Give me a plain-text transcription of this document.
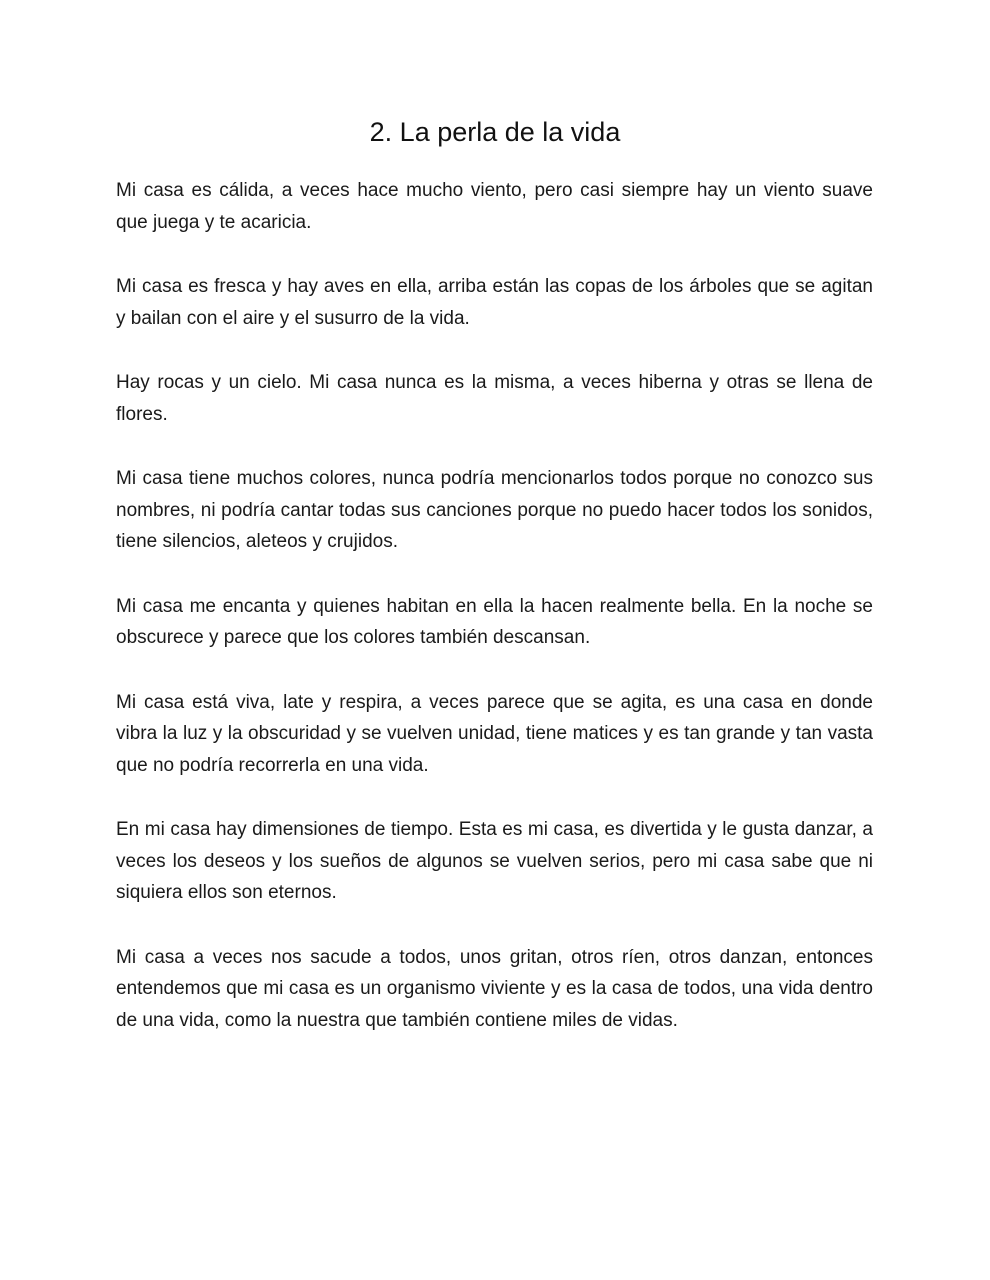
2. La perla de la vida

Mi casa es cálida, a veces hace mucho viento, pero casi siempre hay un viento suave que juega y te acaricia.

Mi casa es fresca y hay aves en ella, arriba están las copas de los árboles que se agitan y bailan con el aire y el susurro de la vida.

Hay rocas y un cielo. Mi casa nunca es la misma, a veces hiberna y otras se llena de flores.

Mi casa tiene muchos colores, nunca podría mencionarlos todos porque no conozco sus nombres, ni podría cantar todas sus canciones porque no puedo hacer todos los sonidos, tiene silencios, aleteos y crujidos.

Mi casa me encanta y quienes habitan en ella la hacen realmente bella. En la noche se obscurece y parece que los colores también descansan.

Mi casa está viva, late y respira, a veces parece que se agita, es una casa en donde vibra la luz y la obscuridad y se vuelven unidad, tiene matices y es tan grande y tan vasta que no podría recorrerla en una vida.

En mi casa hay dimensiones de tiempo. Esta es mi casa, es divertida y le gusta danzar, a veces los deseos y los sueños de algunos se vuelven serios, pero mi casa sabe que ni siquiera ellos son eternos.

Mi casa a veces nos sacude a todos, unos gritan, otros ríen, otros danzan, entonces entendemos que mi casa es un organismo viviente y es la casa de todos, una vida dentro de una vida, como la nuestra que también contiene miles de vidas.
